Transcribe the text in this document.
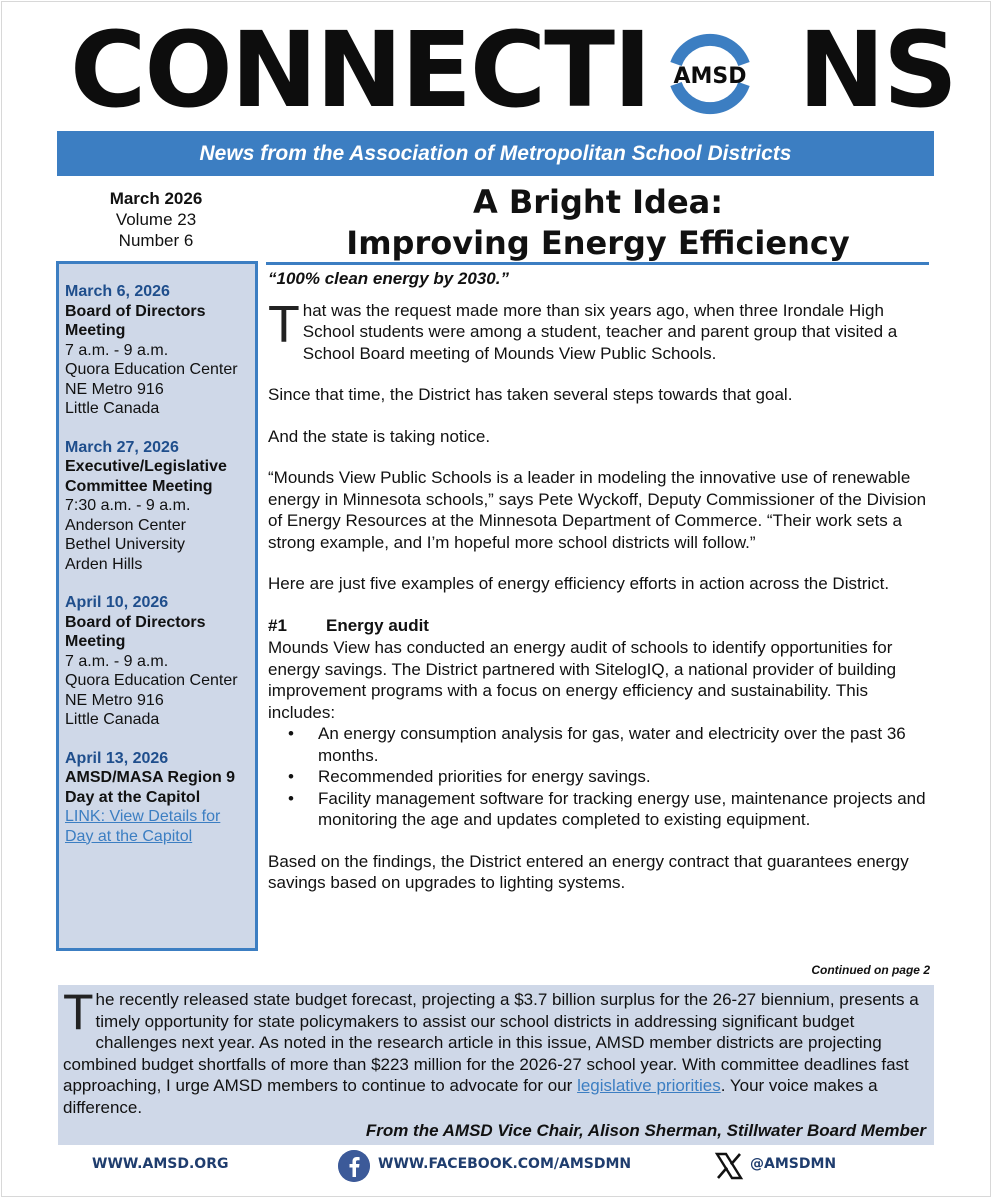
CONNECTI AMSD NS
News from the Association of Metropolitan School Districts
March 2026
Volume 23
Number 6
March 6, 2026
Board of Directors
Meeting
7 a.m. - 9 a.m.
Quora Education Center
NE Metro 916
Little Canada
March 27, 2026
Executive/Legislative
Committee Meeting
7:30 a.m. - 9 a.m.
Anderson Center
Bethel University
Arden Hills
April 10, 2026
Board of Directors
Meeting
7 a.m. - 9 a.m.
Quora Education Center
NE Metro 916
Little Canada
April 13, 2026
AMSD/MASA Region 9
Day at the Capitol
LINK: View Details for
Day at the Capitol
A Bright Idea:
Improving Energy Efficiency
“100% clean energy by 2030.”

That was the request made more than six years ago, when three Irondale High School students were among a student, teacher and parent group that visited a School Board meeting of Mounds View Public Schools.

Since that time, the District has taken several steps towards that goal.

And the state is taking notice.

“Mounds View Public Schools is a leader in modeling the innovative use of renewable energy in Minnesota schools,” says Pete Wyckoff, Deputy Commissioner of the Division of Energy Resources at the Minnesota Department of Commerce. “Their work sets a strong example, and I’m hopeful more school districts will follow.”

Here are just five examples of energy efficiency efforts in action across the District.

#1 Energy audit

Mounds View has conducted an energy audit of schools to identify opportunities for energy savings. The District partnered with SitelogIQ, a national provider of building improvement programs with a focus on energy efficiency and sustainability. This includes:

• An energy consumption analysis for gas, water and electricity over the past 36 months.
• Recommended priorities for energy savings.
• Facility management software for tracking energy use, maintenance projects and monitoring the age and updates completed to existing equipment.

Based on the findings, the District entered an energy contract that guarantees energy savings based on upgrades to lighting systems.

Continued on page 2
The recently released state budget forecast, projecting a $3.7 billion surplus for the 26-27 biennium, presents a timely opportunity for state policymakers to assist our school districts in addressing significant budget challenges next year. As noted in the research article in this issue, AMSD member districts are projecting combined budget shortfalls of more than $223 million for the 2026-27 school year. With committee deadlines fast approaching, I urge AMSD members to continue to advocate for our legislative priorities. Your voice makes a difference.
From the AMSD Vice Chair, Alison Sherman, Stillwater Board Member
WWW.AMSD.ORG	WWW.FACEBOOK.COM/AMSDMN	@AMSDMN
